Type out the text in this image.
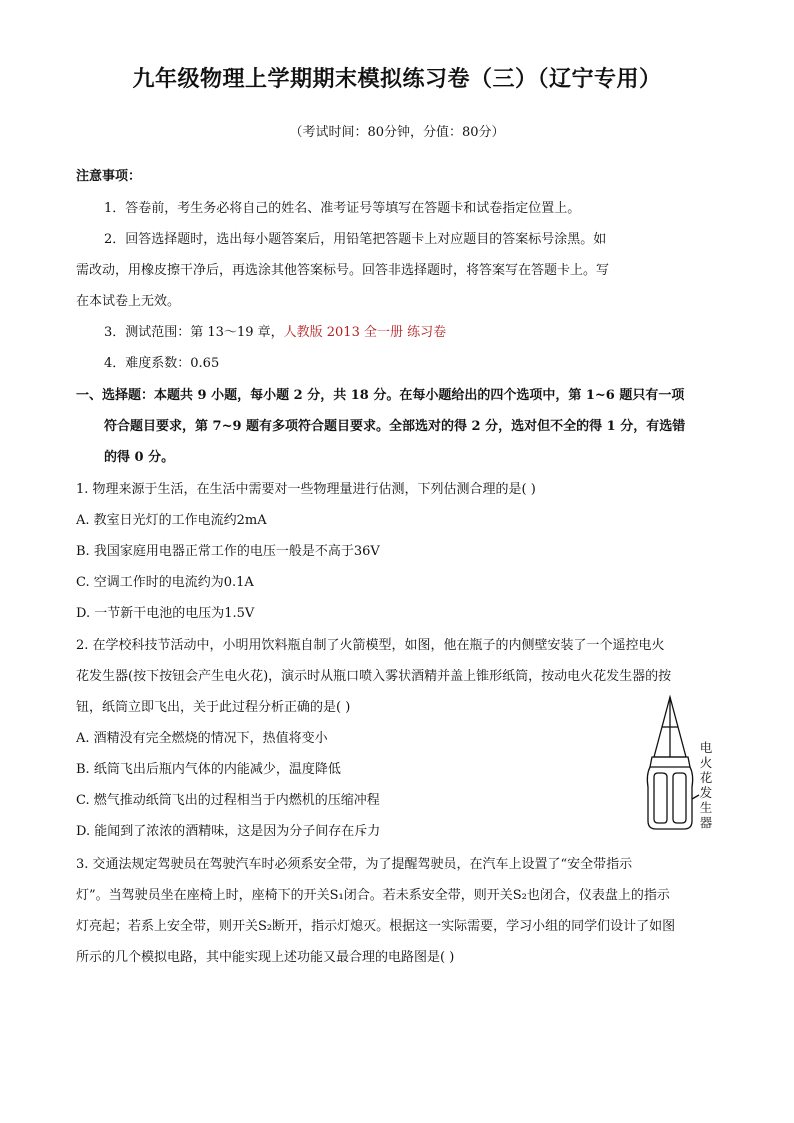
九年级物理上学期期末模拟练习卷（三）（辽宁专用）
（考试时间：80分钟，分值：80分）
注意事项：
1．答卷前，考生务必将自己的姓名、准考证号等填写在答题卡和试卷指定位置上。
2．回答选择题时，选出每小题答案后，用铅笔把答题卡上对应题目的答案标号涂黑。如
需改动，用橡皮擦干净后，再选涂其他答案标号。回答非选择题时，将答案写在答题卡上。写
在本试卷上无效。
3．测试范围：第 13～19 章，人教版 2013 全一册 练习卷
4．难度系数：0.65
一、选择题：本题共 9 小题，每小题 2 分，共 18 分。在每小题给出的四个选项中，第 1~6 题只有一项
符合题目要求，第 7~9 题有多项符合题目要求。全部选对的得 2 分，选对但不全的得 1 分，有选错
的得 0 分。
1. 物理来源于生活，在生活中需要对一些物理量进行估测，下列估测合理的是( )
A. 教室日光灯的工作电流约2mA
B. 我国家庭用电器正常工作的电压一般是不高于36V
C. 空调工作时的电流约为0.1A
D. 一节新干电池的电压为1.5V
2. 在学校科技节活动中，小明用饮料瓶自制了火箭模型，如图，他在瓶子的内侧壁安装了一个遥控电火
花发生器(按下按钮会产生电火花)，演示时从瓶口喷入雾状酒精并盖上锥形纸筒，按动电火花发生器的按
钮，纸筒立即飞出，关于此过程分析正确的是( )
A. 酒精没有完全燃烧的情况下，热值将变小
B. 纸筒飞出后瓶内气体的内能减少，温度降低
C. 燃气推动纸筒飞出的过程相当于内燃机的压缩冲程
D. 能闻到了浓浓的酒精味，这是因为分子间存在斥力
电
火
花
发
生
器
3. 交通法规定驾驶员在驾驶汽车时必须系安全带，为了提醒驾驶员，在汽车上设置了“安全带指示
灯”。当驾驶员坐在座椅上时，座椅下的开关S₁闭合。若未系安全带，则开关S₂也闭合，仪表盘上的指示
灯亮起；若系上安全带，则开关S₂断开，指示灯熄灭。根据这一实际需要，学习小组的同学们设计了如图
所示的几个模拟电路，其中能实现上述功能又最合理的电路图是( )
